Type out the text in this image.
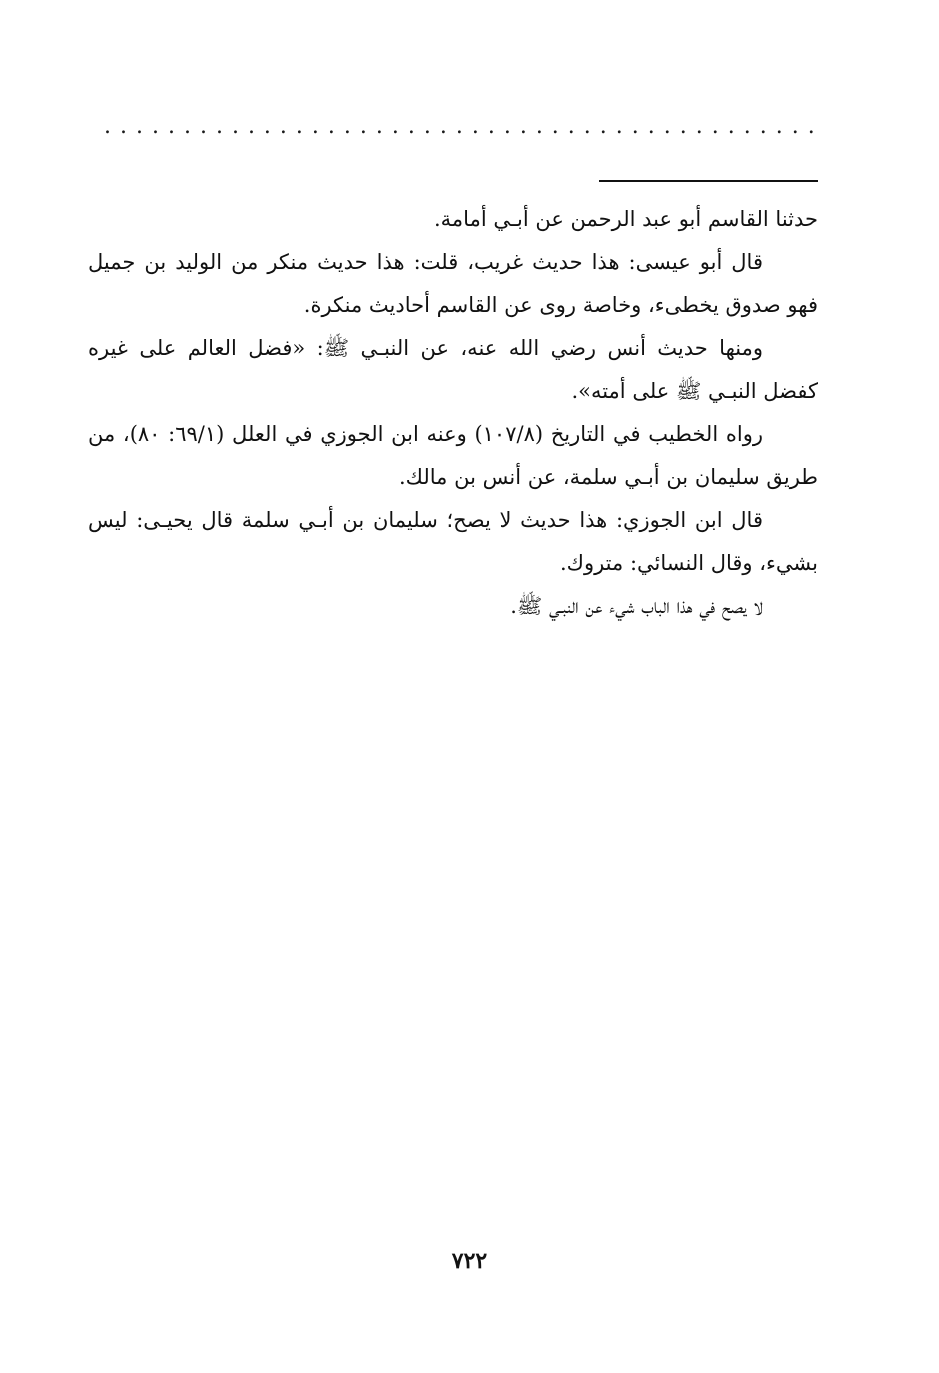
.....

حدثنا القاسم أبو عبد الرحمن عن أبـي أمامة.

قال أبو عيسى: هذا حديث غريب، قلت: هذا حديث منكر من الوليد بن جميل فهو صدوق يخطىء، وخاصة روى عن القاسم أحاديث منكرة.

ومنها حديث أنس رضي الله عنه، عن النبـي ﷺ: «فضل العالم على غيره كفضل النبـي ﷺ على أمته».

رواه الخطيب في التاريخ (١٠٧/٨) وعنه ابن الجوزي في العلل (٦٩/١: ٨٠)، من طريق سليمان بن أبـي سلمة، عن أنس بن مالك.

قال ابن الجوزي: هذا حديث لا يصح؛ سليمان بن أبـي سلمة قال يحيـى: ليس بشيء، وقال النسائي: متروك.

لا يصح في هذا الباب شيء عن النبـي ﷺ.

٧٢٢
